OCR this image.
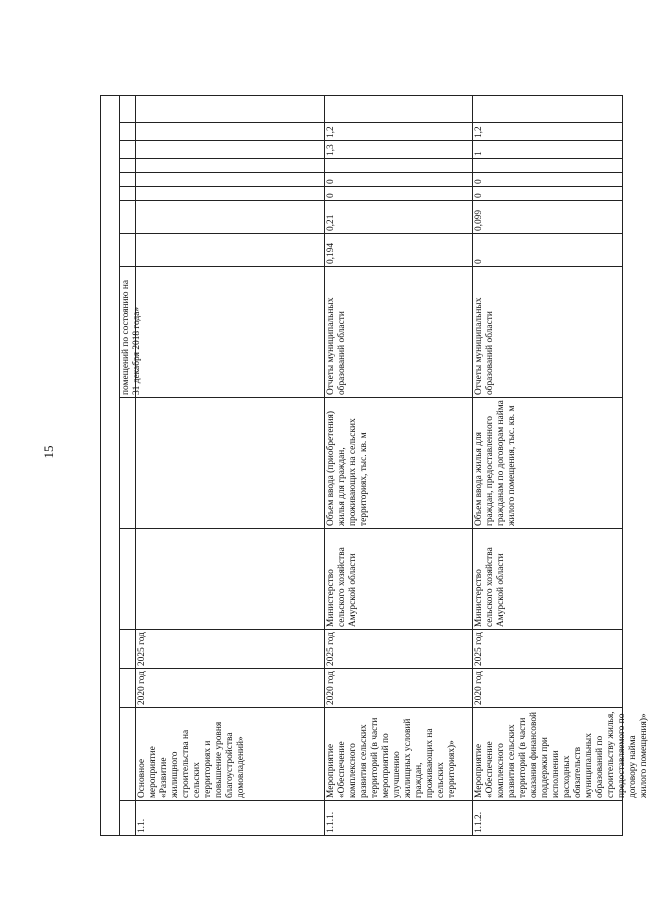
15
помещений по состоянию на 31 декабря 2018 года»
1.1.
Основное мероприятие «Развитие жилищного строительства на сельских территориях и повышение уровня благоустройства домовладений»
2020 год
2025 год
1.1.1.
Мероприятие «Обеспечение комплексного развития сельских территорий (в части мероприятий по улучшению жилищных условий граждан, проживающих на сельских территориях)»
2020 год
2025 год
Министерство сельского хозяйства Амурской области
Объем ввода (приобретения) жилья для граждан, проживающих на сельских территориях, тыс. кв. м
Отчеты муниципальных образований области
0,194
0,21
0
0
1,3
1,2
1.1.2.
Мероприятие «Обеспечение комплексного развития сельских территорий (в части оказания финансовой поддержки при исполнении расходных обязательств муниципальных образований по строительству жилья, предоставляемого по договору найма жилого помещения)»
2020 год
2025 год
Министерство сельского хозяйства Амурской области
Объем ввода жилья для граждан, предоставленного гражданам по договорам найма жилого помещения, тыс. кв. м
Отчеты муниципальных образований области
0
0,099
0
0
1
1,2
